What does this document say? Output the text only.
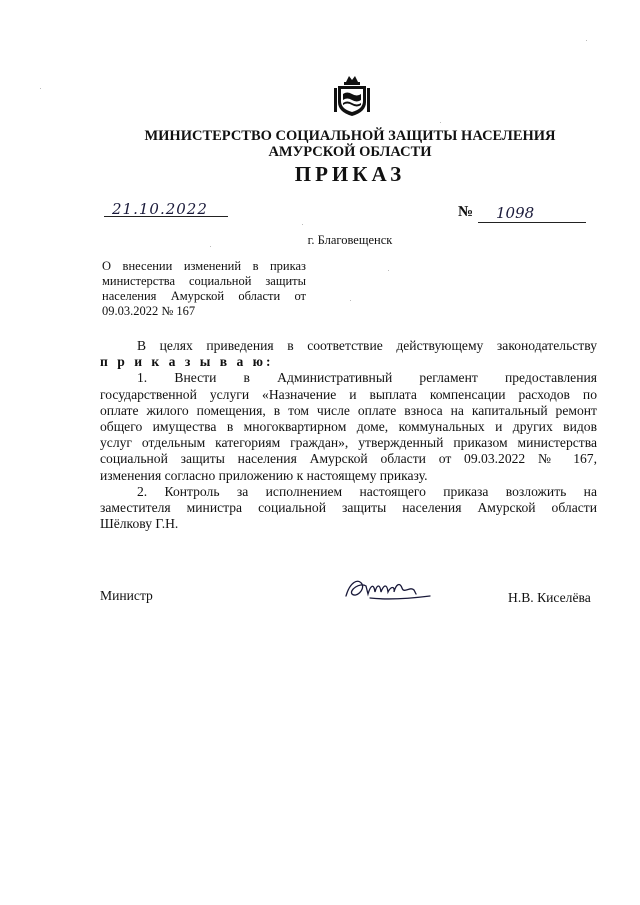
МИНИСТЕРСТВО СОЦИАЛЬНОЙ ЗАЩИТЫ НАСЕЛЕНИЯ
АМУРСКОЙ ОБЛАСТИ
ПРИКАЗ
21.10.2022	№ 1098
г. Благовещенск
О внесении изменений в приказ
министерства социальной защиты
населения Амурской области от
09.03.2022 № 167

В целях приведения в соответствие действующему законодательству

п р и к а з ы в а ю:

1. Внести в Административный регламент предоставления

государственной услуги «Назначение и выплата компенсации расходов по

оплате жилого помещения, в том числе оплате взноса на капитальный ремонт

общего имущества в многоквартирном доме, коммунальных и других видов

услуг отдельным категориям граждан», утвержденный приказом министерства

социальной защиты населения Амурской области от 09.03.2022 № 167,

изменения согласно приложению к настоящему приказу.

2. Контроль за исполнением настоящего приказа возложить на

заместителя министра социальной защиты населения Амурской области

Шёлкову Г.Н.

Министр	Н.В. Киселёва
